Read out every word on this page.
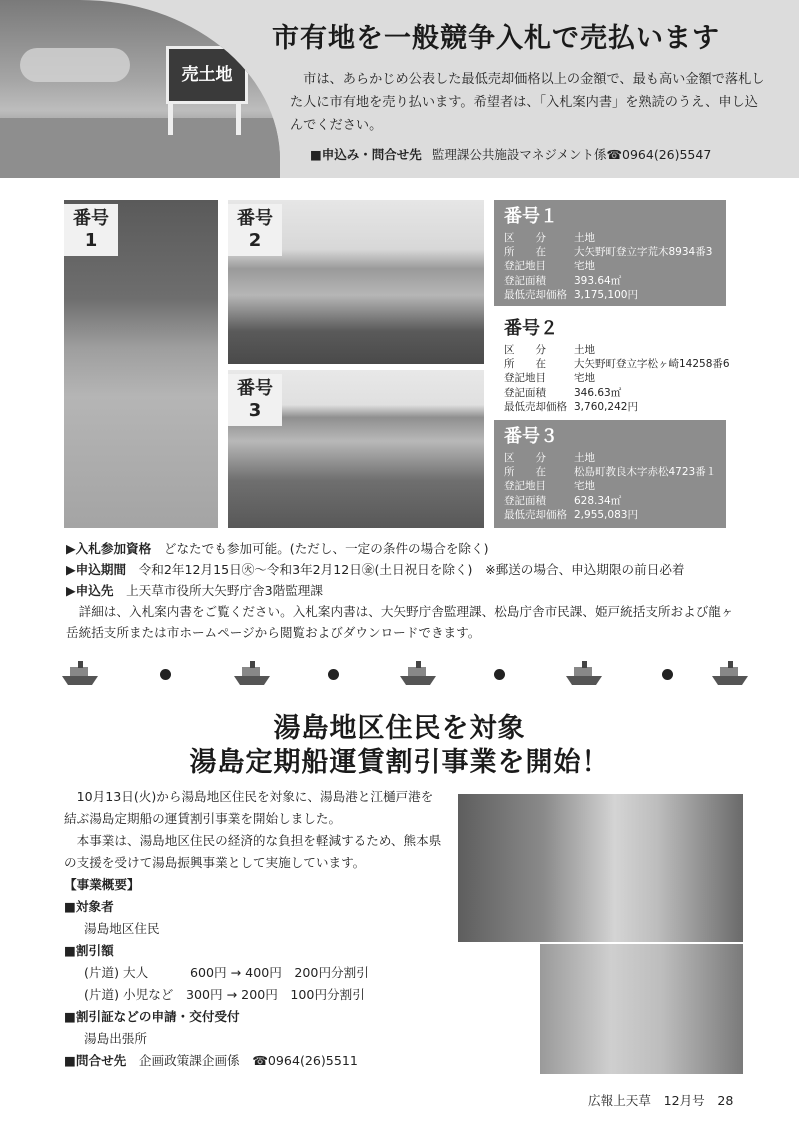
売土地
市有地を一般競争入札で売払います
　市は、あらかじめ公表した最低売却価格以上の金額で、最も高い金額で落札した人に市有地を売り払います。希望者は、「入札案内書」を熟読のうえ、申し込んでください。
■申込み・問合せ先 監理課公共施設マネジメント係☎0964(26)5547
番号
1
番号
2
番号
3
番号１
区　　分	土地
所　　在	大矢野町登立字荒木8934番3
登記地目	宅地
登記面積	393.64㎡
最低売却価格 3,175,100円
番号２
区　　分	土地
所　　在	大矢野町登立字松ヶ崎14258番6
登記地目	宅地
登記面積	346.63㎡
最低売却価格 3,760,242円
番号３
区　　分	土地
所　　在	松島町教良木字赤松4723番１
登記地目	宅地
登記面積	628.34㎡
最低売却価格 2,955,083円
▶入札参加資格　 どなたでも参加可能。(ただし、一定の条件の場合を除く)
▶申込期間　 令和2年12月15日㊋～令和3年2月12日㊎(土日祝日を除く)　※郵送の場合、申込期限の前日必着
▶申込先　 上天草市役所大矢野庁舎3階監理課
　詳細は、入札案内書をご覧ください。入札案内書は、大矢野庁舎監理課、松島庁舎市民課、姫戸統括支所および龍ヶ岳統括支所または市ホームページから閲覧およびダウンロードできます。
湯島地区住民を対象
湯島定期船運賃割引事業を開始！

　10月13日(火)から湯島地区住民を対象に、湯島港と江樋戸港を結ぶ湯島定期船の運賃割引事業を開始しました。

　本事業は、湯島地区住民の経済的な負担を軽減するため、熊本県の支援を受けて湯島振興事業として実施しています。

【事業概要】

■対象者

湯島地区住民

■割引額

(片道) 大人　　　 600円 → 400円　200円分割引

(片道) 小児など　300円 → 200円　100円分割引

■割引証などの申請・交付受付

湯島出張所

■問合せ先　 企画政策課企画係　☎0964(26)5511

広報上天草　12月号　28
